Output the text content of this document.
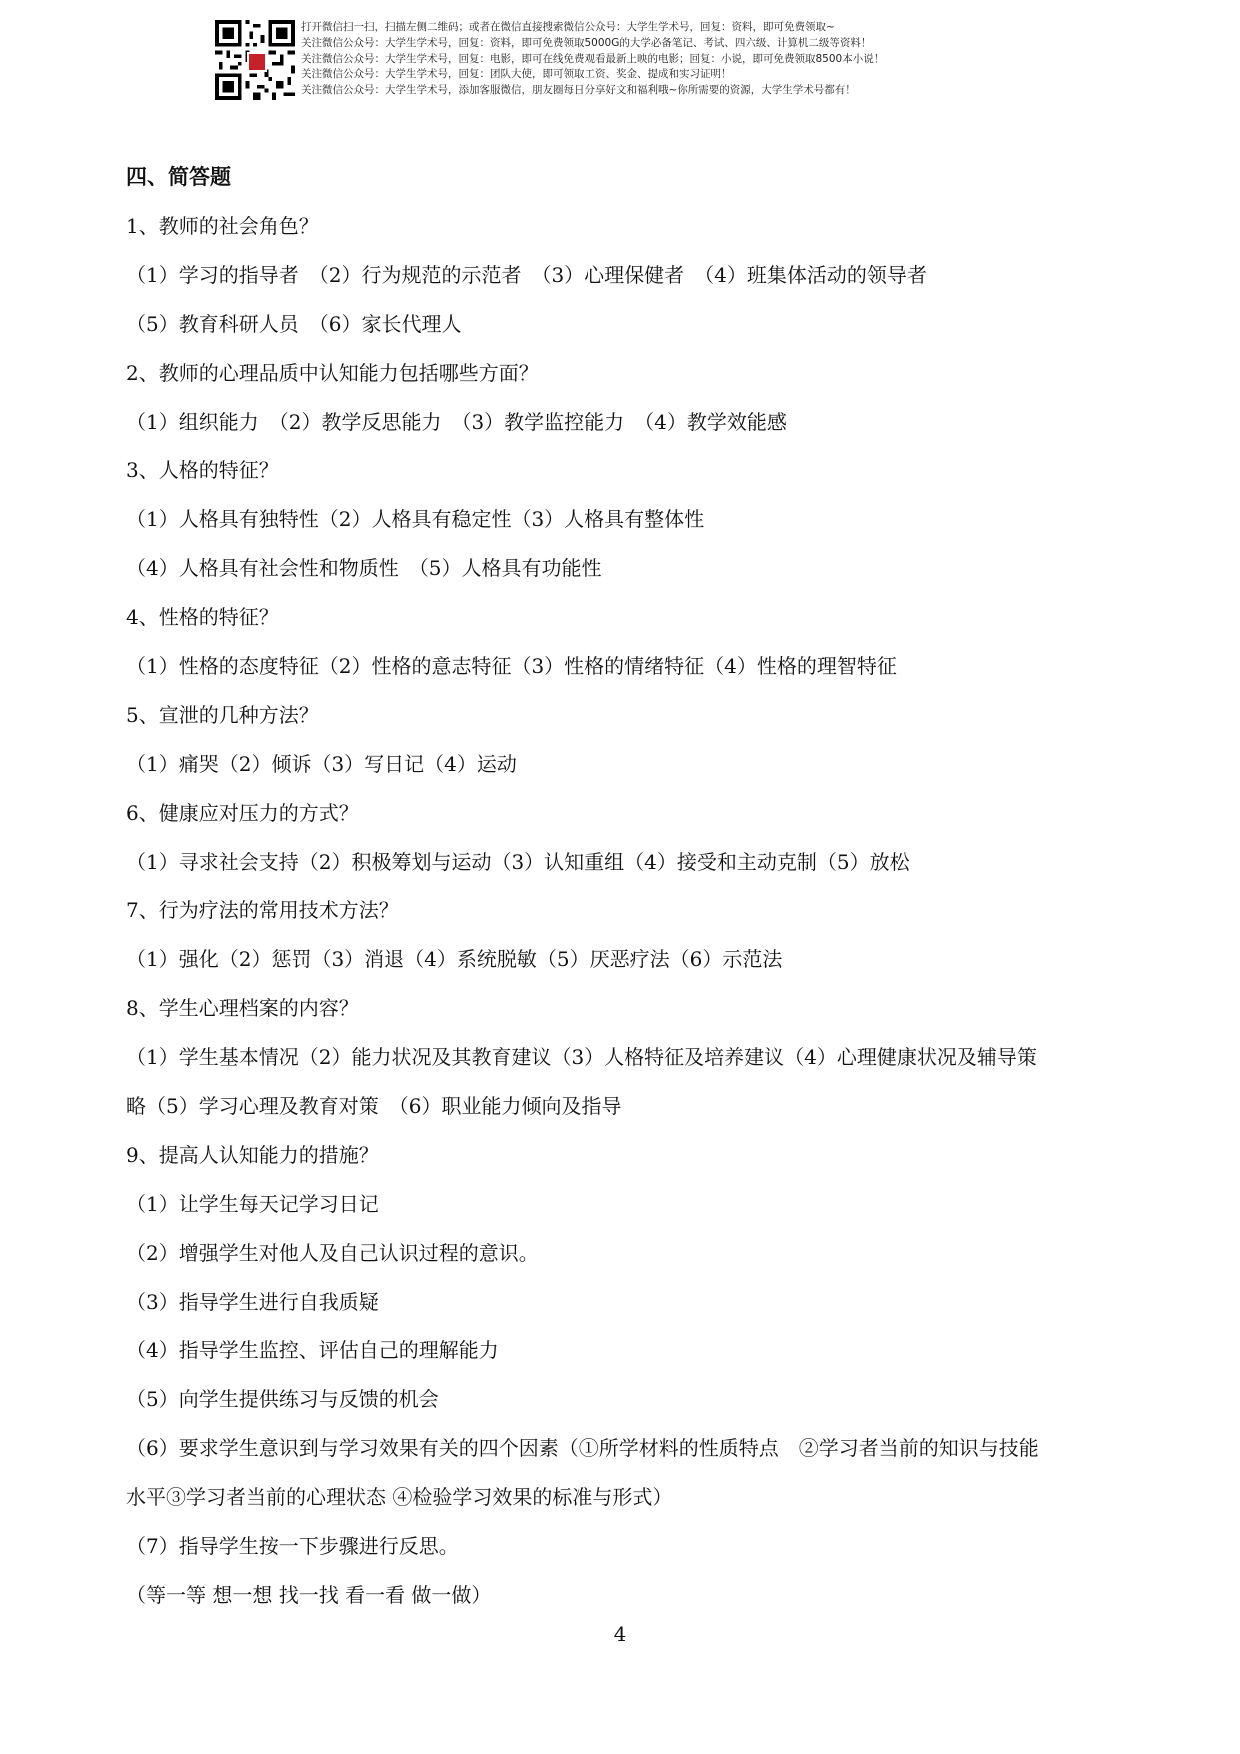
打开微信扫一扫，扫描左侧二维码；或者在微信直接搜索微信公众号：大学生学术号，回复：资料，即可免费领取~
关注微信公众号：大学生学术号，回复：资料，即可免费领取5000G的大学必备笔记、考试、四六级、计算机二级等资料！
关注微信公众号：大学生学术号，回复：电影，即可在线免费观看最新上映的电影；回复：小说，即可免费领取8500本小说！
关注微信公众号：大学生学术号，回复：团队大使，即可领取工资、奖金、提成和实习证明！
关注微信公众号：大学生学术号，添加客服微信，朋友圈每日分享好文和福利哦~你所需要的资源，大学生学术号都有！
四、简答题
1、教师的社会角色？
（1）学习的指导者　（2）行为规范的示范者　（3）心理保健者　（4）班集体活动的领导者
（5）教育科研人员　（6）家长代理人
2、教师的心理品质中认知能力包括哪些方面？
（1）组织能力　（2）教学反思能力　（3）教学监控能力　（4）教学效能感
3、人格的特征？
（1）人格具有独特性（2）人格具有稳定性（3）人格具有整体性
（4）人格具有社会性和物质性　（5）人格具有功能性
4、性格的特征？
（1）性格的态度特征（2）性格的意志特征（3）性格的情绪特征（4）性格的理智特征
5、宣泄的几种方法？
（1）痛哭（2）倾诉（3）写日记（4）运动
6、健康应对压力的方式？
（1）寻求社会支持（2）积极筹划与运动（3）认知重组（4）接受和主动克制（5）放松
7、行为疗法的常用技术方法？
（1）强化（2）惩罚（3）消退（4）系统脱敏（5）厌恶疗法（6）示范法
8、学生心理档案的内容？
（1）学生基本情况（2）能力状况及其教育建议（3）人格特征及培养建议（4）心理健康状况及辅导策
略（5）学习心理及教育对策　（6）职业能力倾向及指导
9、提高人认知能力的措施？
（1）让学生每天记学习日记
（2）增强学生对他人及自己认识过程的意识。
（3）指导学生进行自我质疑
（4）指导学生监控、评估自己的理解能力
（5）向学生提供练习与反馈的机会
（6）要求学生意识到与学习效果有关的四个因素（①所学材料的性质特点　②学习者当前的知识与技能
水平③学习者当前的心理状态 ④检验学习效果的标准与形式）
（7）指导学生按一下步骤进行反思。
（等一等 想一想 找一找 看一看 做一做）
4
